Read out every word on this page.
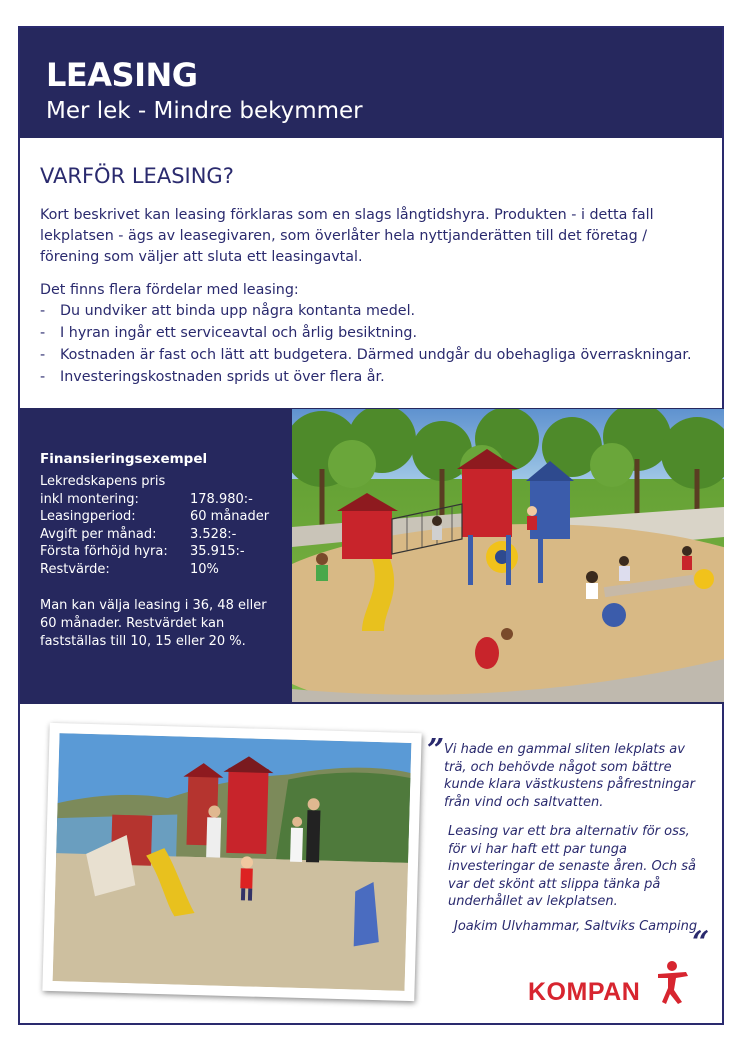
LEASING
Mer lek - Mindre bekymmer
VARFÖR LEASING?
Kort beskrivet kan leasing förklaras som en slags långtidshyra. Produkten - i detta fall lekplatsen - ägs av leasegivaren, som överlåter hela nyttjanderätten till det företag / förening som väljer att sluta ett leasingavtal.
Det finns flera fördelar med leasing:
- Du undviker att binda upp några kontanta medel.
- I hyran ingår ett serviceavtal och årlig besiktning.
- Kostnaden är fast och lätt att budgetera. Därmed undgår du obehagliga överraskningar.
- Investeringskostnaden sprids ut över flera år.
Finansieringsexempel
Lekredskapens pris
inkl montering:	178.980:-
Leasingperiod:	60 månader
Avgift per månad:	3.528:-
Första förhöjd hyra:	35.915:-
Restvärde:	10%
Man kan välja leasing i 36, 48 eller 60 månader. Restvärdet kan fastställas till 10, 15 eller 20 %.
” Vi hade en gammal sliten lekplats av trä, och behövde något som bättre kunde klara västkustens påfrestningar från vind och saltvatten.
Leasing var ett bra alternativ för oss, för vi har haft ett par tunga investeringar de senaste åren. Och så var det skönt att slippa tänka på underhållet av lekplatsen.
Joakim Ulvhammar, Saltviks Camping
“
KOMPAN
